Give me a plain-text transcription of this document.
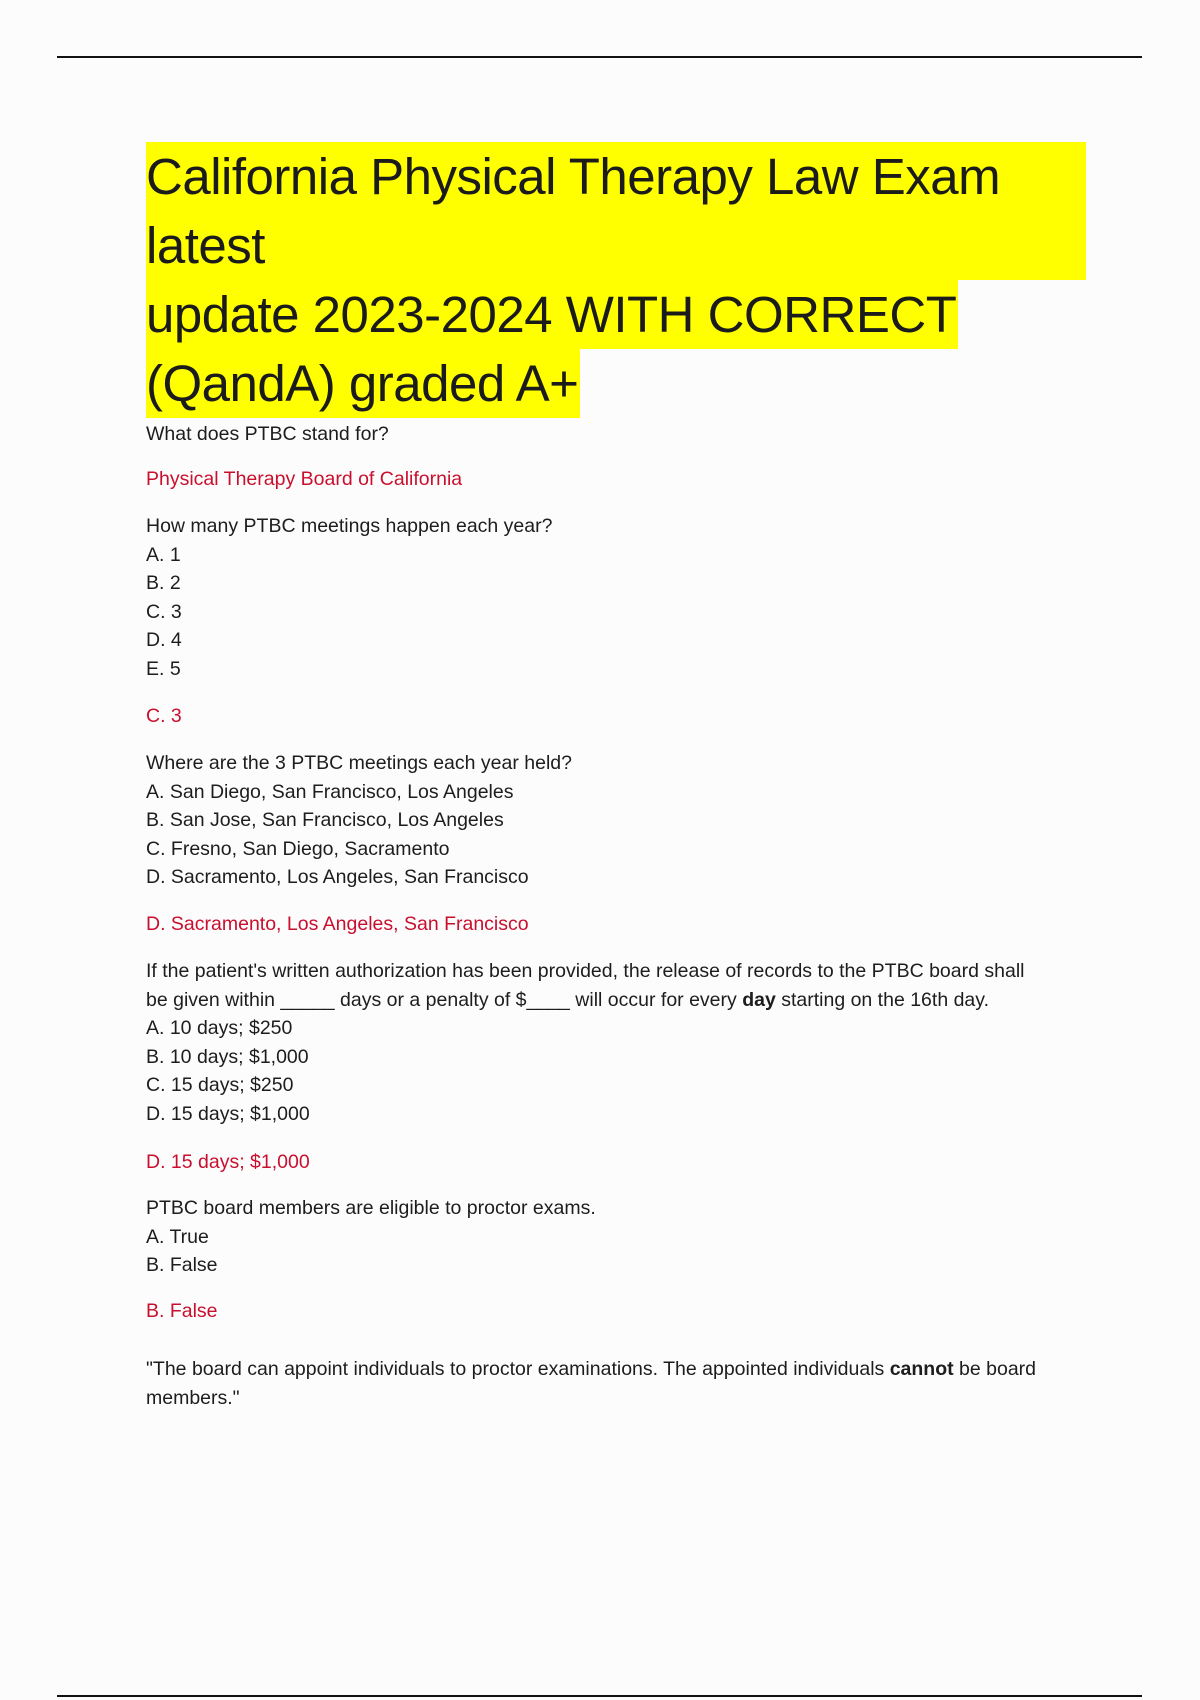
California Physical Therapy Law Exam latest
update 2023-2024 WITH CORRECT
(QandA) graded A+
What does PTBC stand for?
Physical Therapy Board of California
How many PTBC meetings happen each year?
A. 1
B. 2
C. 3
D. 4
E. 5
C. 3
Where are the 3 PTBC meetings each year held?
A. San Diego, San Francisco, Los Angeles
B. San Jose, San Francisco, Los Angeles
C. Fresno, San Diego, Sacramento
D. Sacramento, Los Angeles, San Francisco
D. Sacramento, Los Angeles, San Francisco
If the patient's written authorization has been provided, the release of records to the PTBC board shall
be given within _____ days or a penalty of $____ will occur for every day starting on the 16th day.
A. 10 days; $250
B. 10 days; $1,000
C. 15 days; $250
D. 15 days; $1,000
D. 15 days; $1,000
PTBC board members are eligible to proctor exams.
A. True
B. False
B. False
"The board can appoint individuals to proctor examinations. The appointed individuals cannot be board
members."
